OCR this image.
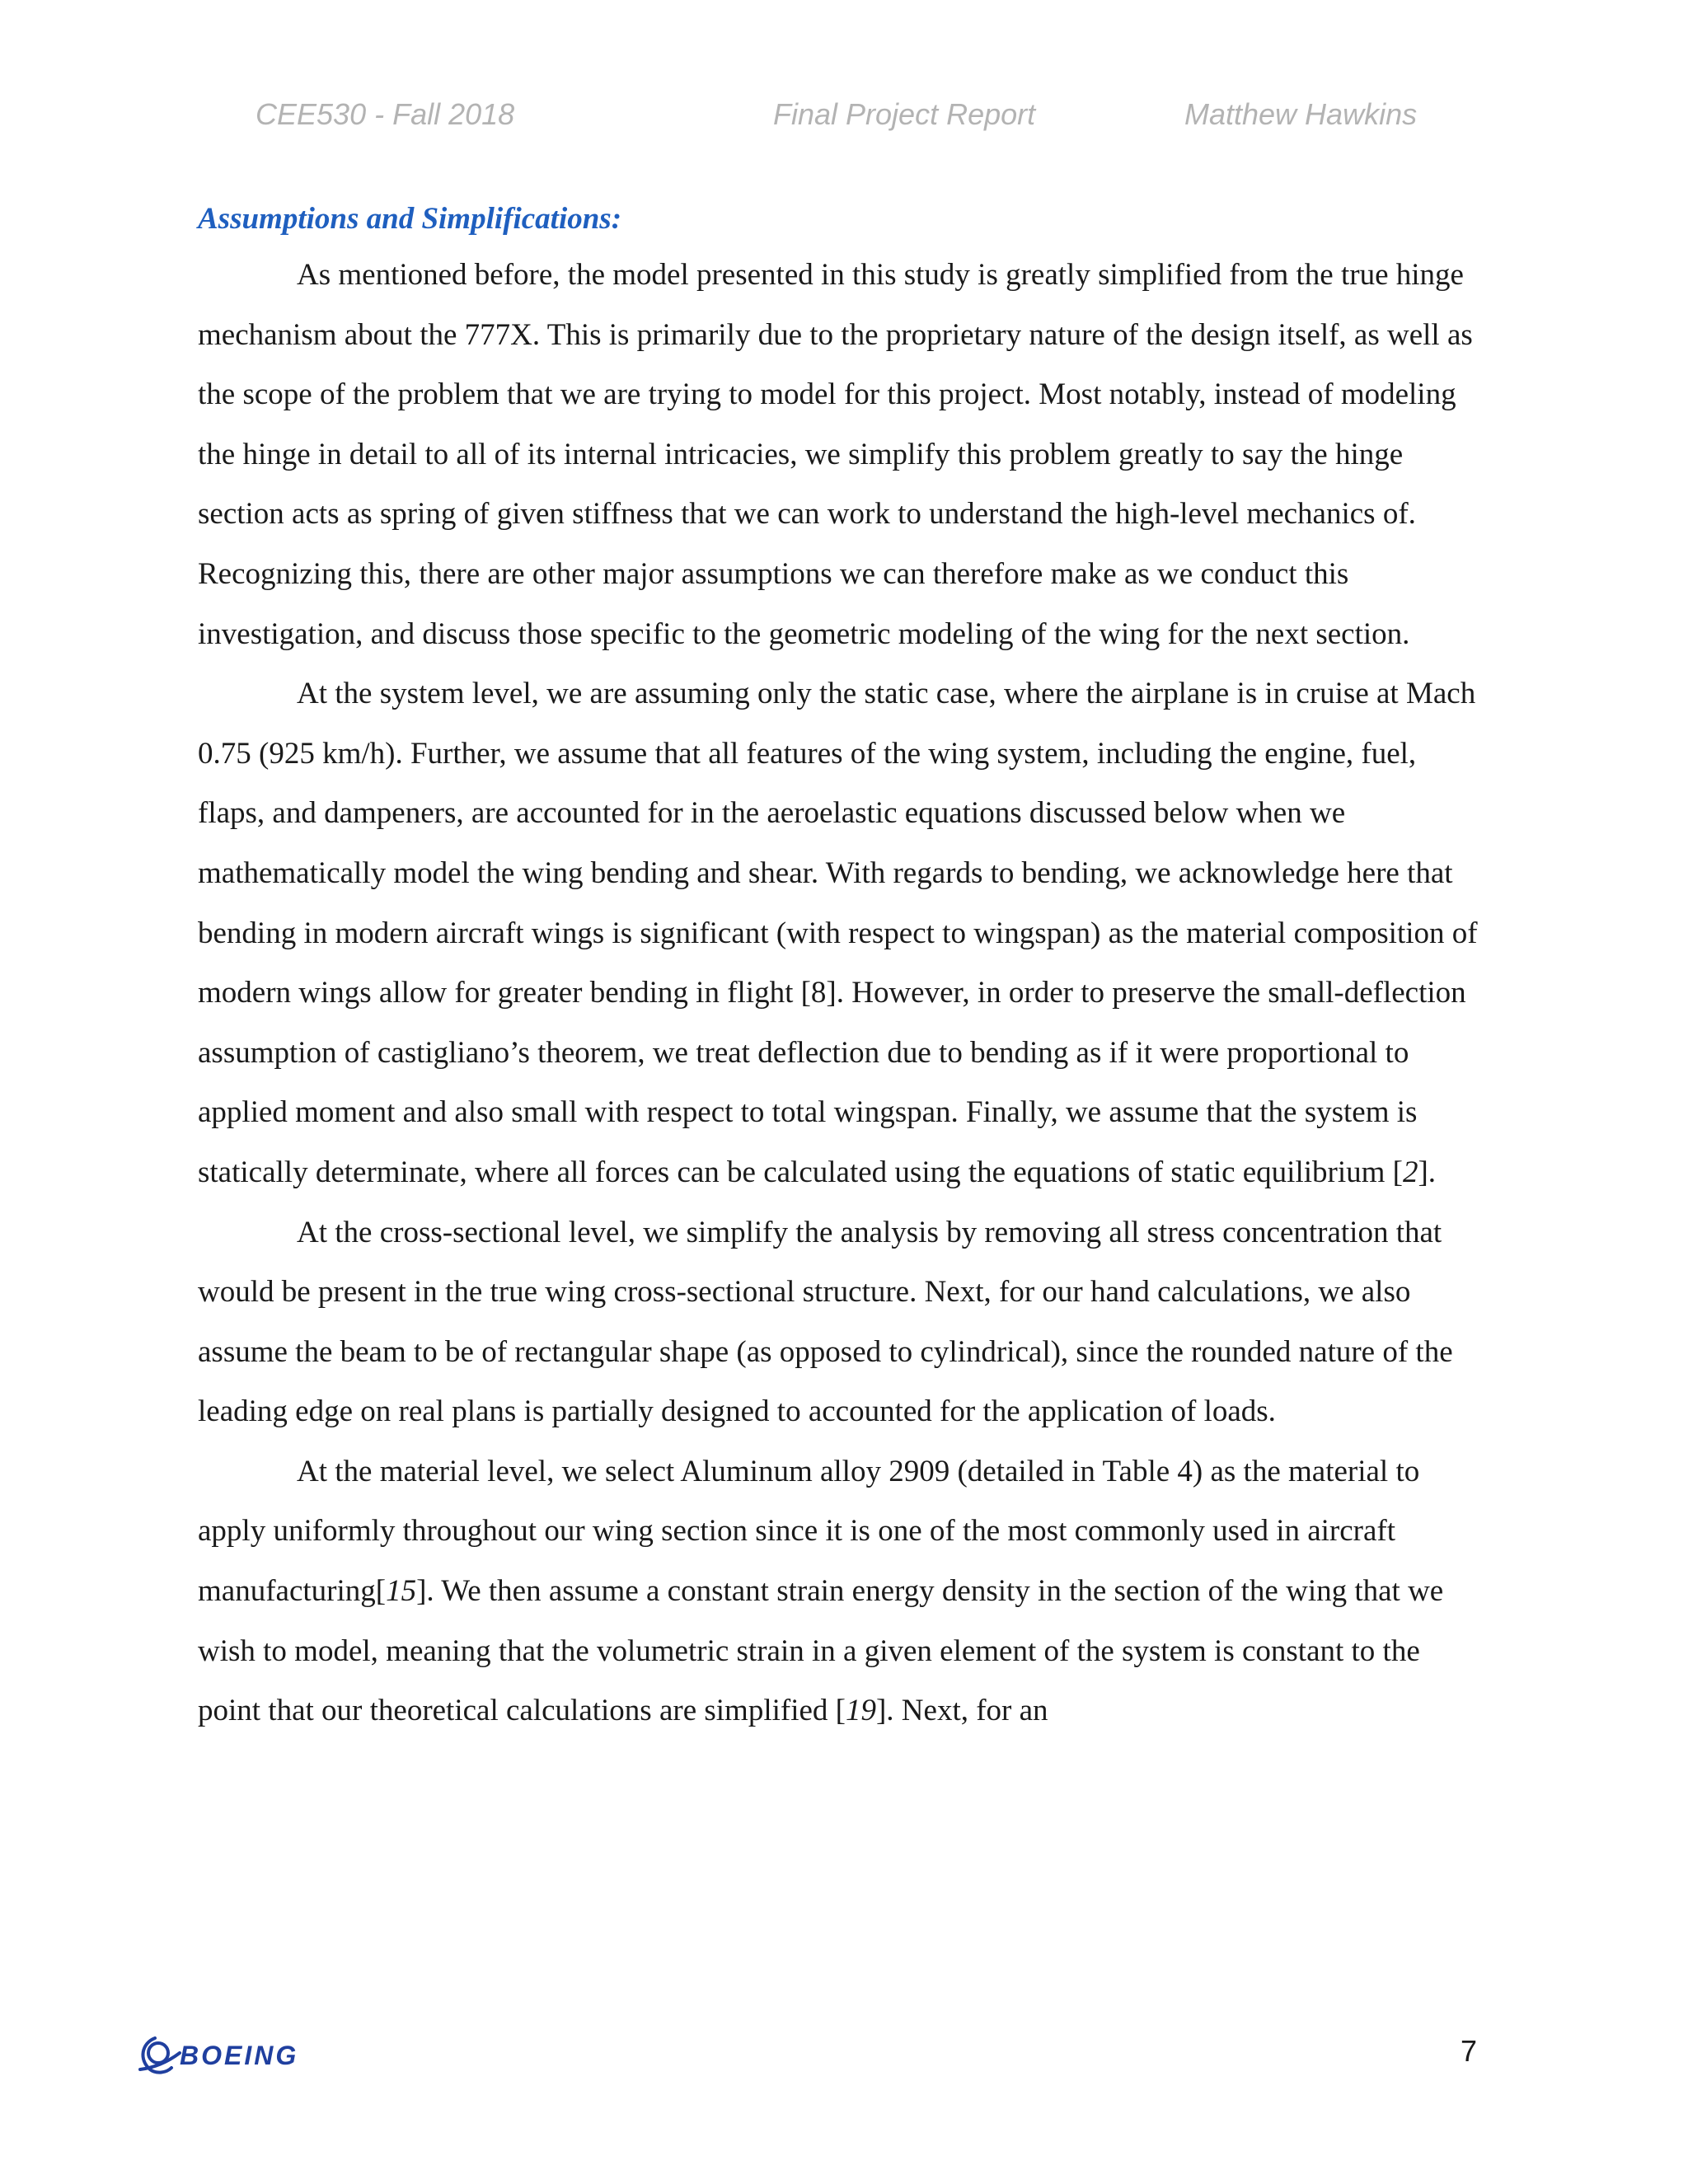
CEE530 - Fall 2018	Final Project Report	Matthew Hawkins
Assumptions and Simplifications:

As mentioned before, the model presented in this study is greatly simplified from the true hinge mechanism about the 777X. This is primarily due to the proprietary nature of the design itself, as well as the scope of the problem that we are trying to model for this project. Most notably, instead of modeling the hinge in detail to all of its internal intricacies, we simplify this problem greatly to say the hinge section acts as spring of given stiffness that we can work to understand the high-level mechanics of. Recognizing this, there are other major assumptions we can therefore make as we conduct this investigation, and discuss those specific to the geometric modeling of the wing for the next section.

At the system level, we are assuming only the static case, where the airplane is in cruise at Mach 0.75 (925 km/h). Further, we assume that all features of the wing system, including the engine, fuel, flaps, and dampeners, are accounted for in the aeroelastic equations discussed below when we mathematically model the wing bending and shear. With regards to bending, we acknowledge here that bending in modern aircraft wings is significant (with respect to wingspan) as the material composition of modern wings allow for greater bending in flight [8]. However, in order to preserve the small-deflection assumption of castigliano’s theorem, we treat deflection due to bending as if it were proportional to applied moment and also small with respect to total wingspan. Finally, we assume that the system is statically determinate, where all forces can be calculated using the equations of static equilibrium [2].

At the cross-sectional level, we simplify the analysis by removing all stress concentration that would be present in the true wing cross-sectional structure. Next, for our hand calculations, we also assume the beam to be of rectangular shape (as opposed to cylindrical), since the rounded nature of the leading edge on real plans is partially designed to accounted for the application of loads.

At the material level, we select Aluminum alloy 2909 (detailed in Table 4) as the material to apply uniformly throughout our wing section since it is one of the most commonly used in aircraft manufacturing[15]. We then assume a constant strain energy density in the section of the wing that we wish to model, meaning that the volumetric strain in a given element of the system is constant to the point that our theoretical calculations are simplified [19]. Next, for an

BOEING	7
